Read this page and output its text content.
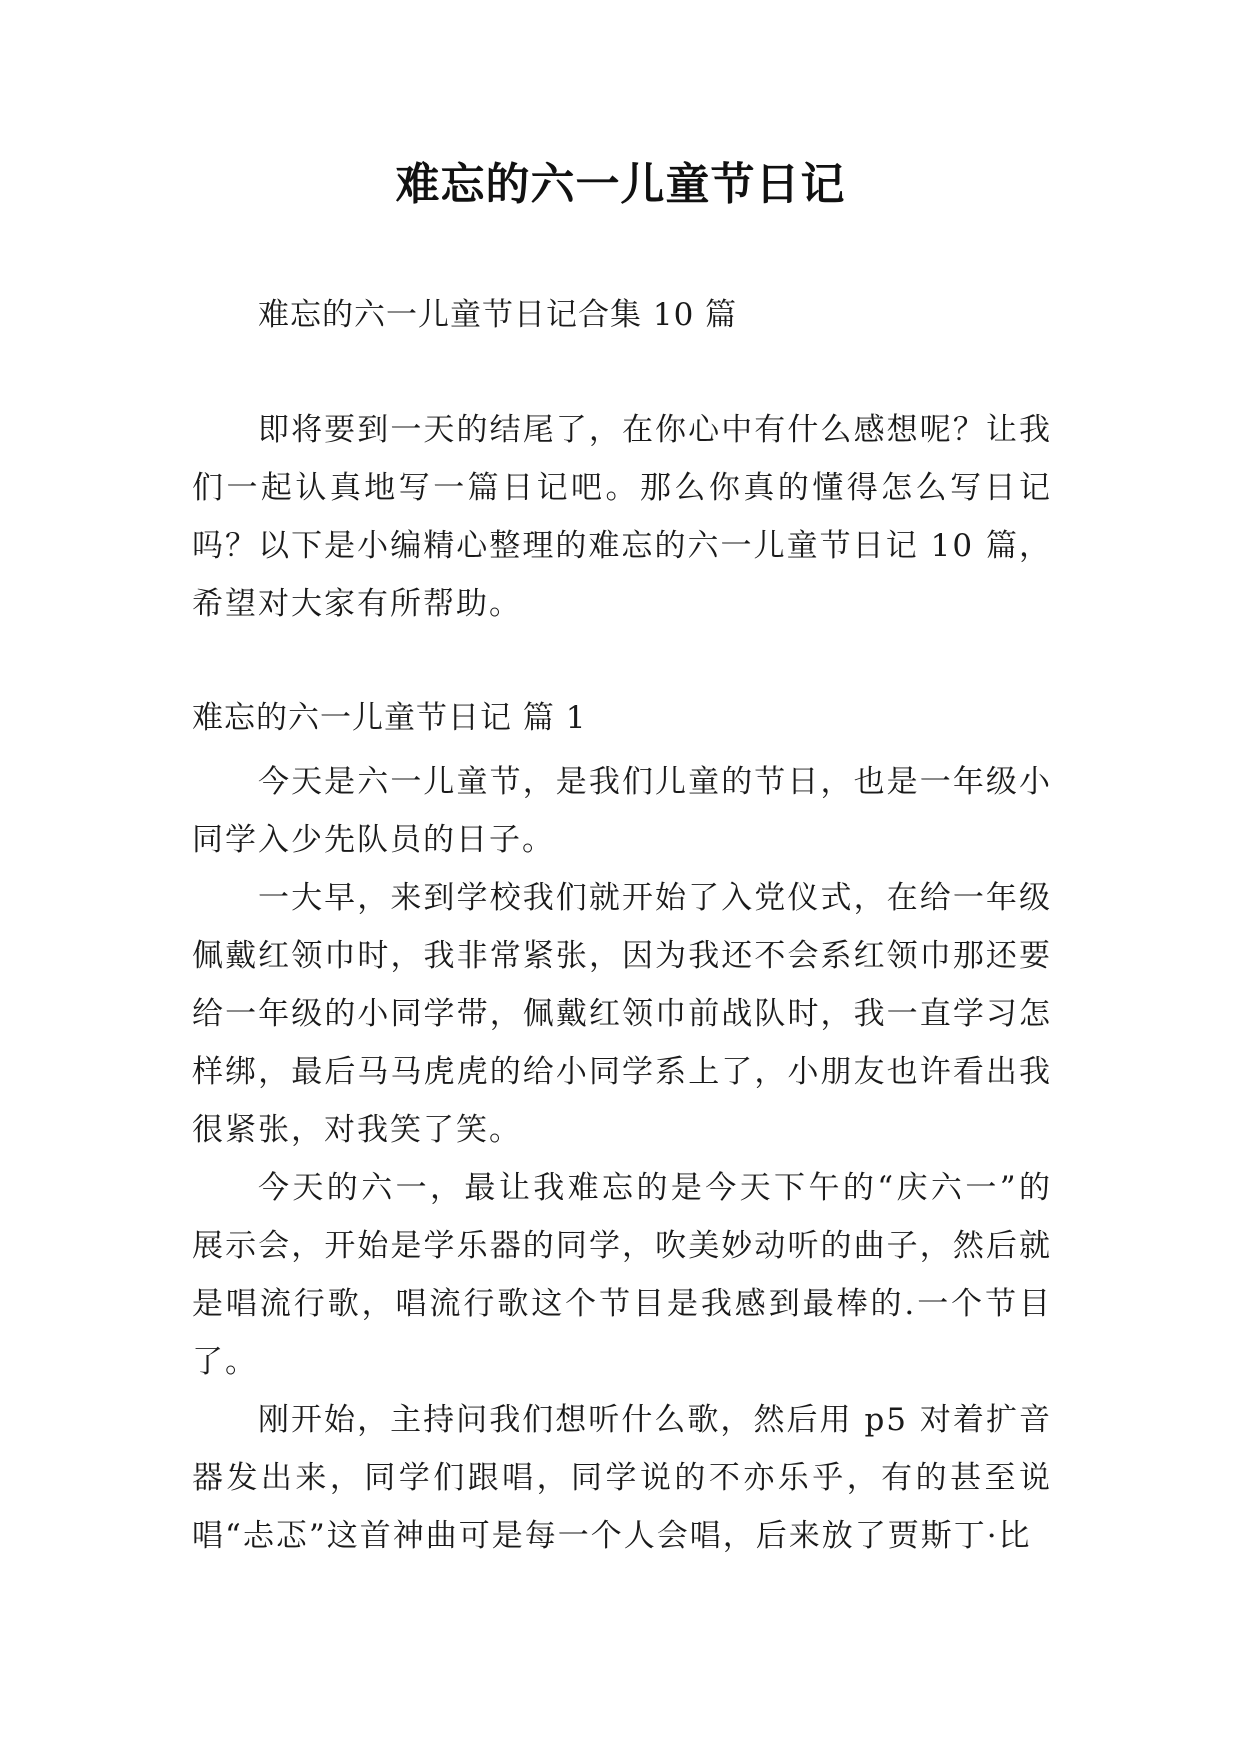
难忘的六一儿童节日记
难忘的六一儿童节日记合集 10 篇

即将要到一天的结尾了，在你心中有什么感想呢？让我们一起认真地写一篇日记吧。那么你真的懂得怎么写日记吗？以下是小编精心整理的难忘的六一儿童节日记 10 篇，希望对大家有所帮助。

难忘的六一儿童节日记 篇 1

今天是六一儿童节，是我们儿童的节日，也是一年级小同学入少先队员的日子。

一大早，来到学校我们就开始了入党仪式，在给一年级佩戴红领巾时，我非常紧张，因为我还不会系红领巾那还要给一年级的小同学带，佩戴红领巾前战队时，我一直学习怎样绑，最后马马虎虎的给小同学系上了，小朋友也许看出我很紧张，对我笑了笑。

今天的六一，最让我难忘的是今天下午的“庆六一”的展示会，开始是学乐器的同学，吹美妙动听的曲子，然后就是唱流行歌，唱流行歌这个节目是我感到最棒的.一个节目了。

刚开始，主持问我们想听什么歌，然后用 p5 对着扩音器发出来，同学们跟唱，同学说的不亦乐乎，有的甚至说唱“忐忑”这首神曲可是每一个人会唱，后来放了贾斯丁·比
